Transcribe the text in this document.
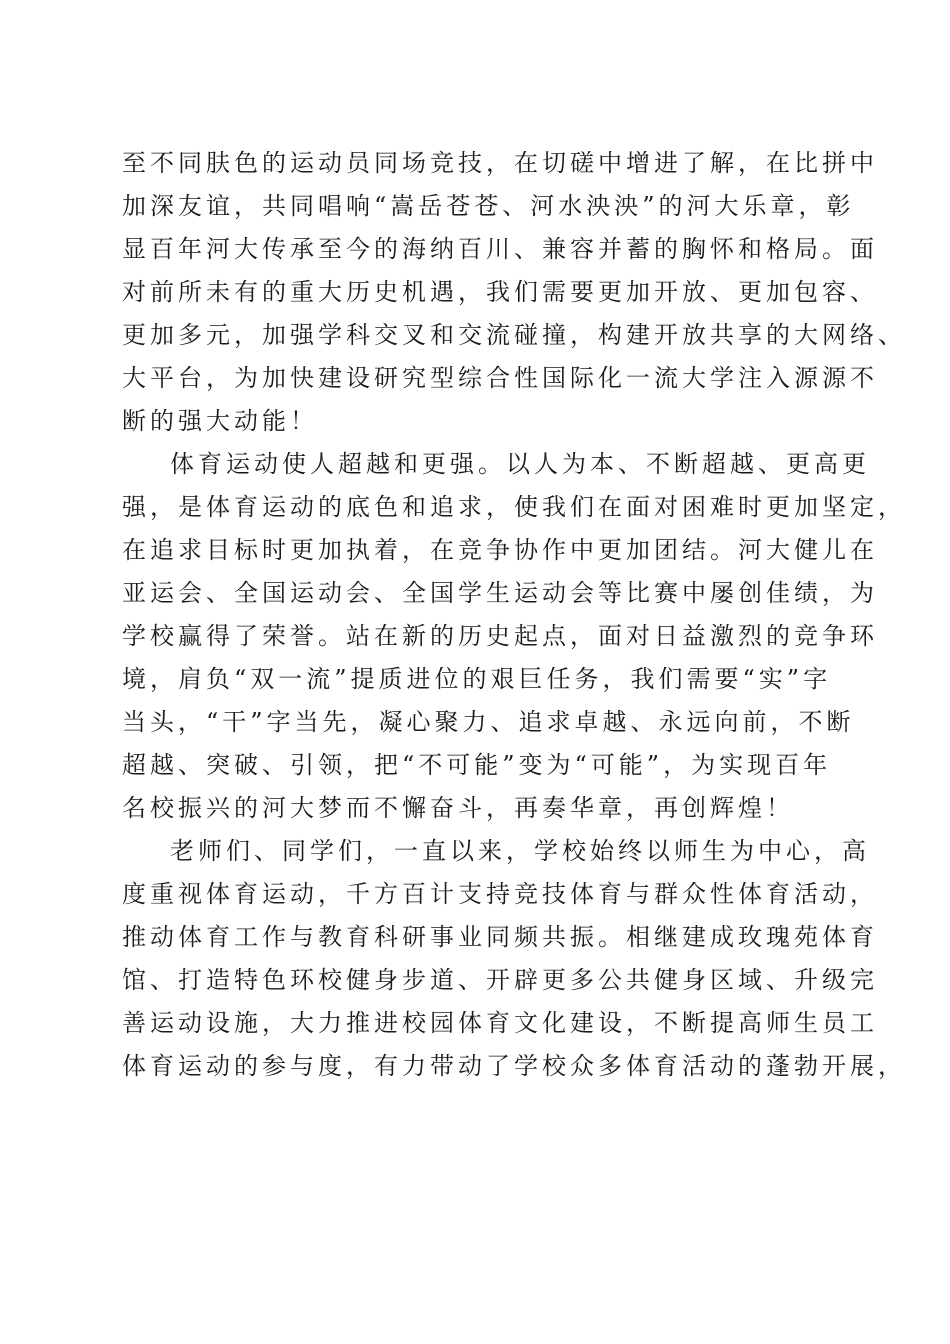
至不同肤色的运动员同场竞技，在切磋中增进了解，在比拼中
加深友谊，共同唱响“嵩岳苍苍、河水泱泱”的河大乐章，彰
显百年河大传承至今的海纳百川、兼容并蓄的胸怀和格局。面
对前所未有的重大历史机遇，我们需要更加开放、更加包容、
更加多元，加强学科交叉和交流碰撞，构建开放共享的大网络、
大平台，为加快建设研究型综合性国际化一流大学注入源源不
断的强大动能！
体育运动使人超越和更强。以人为本、不断超越、更高更
强，是体育运动的底色和追求，使我们在面对困难时更加坚定，
在追求目标时更加执着，在竞争协作中更加团结。河大健儿在
亚运会、全国运动会、全国学生运动会等比赛中屡创佳绩，为
学校赢得了荣誉。站在新的历史起点，面对日益激烈的竞争环
境，肩负“双一流”提质进位的艰巨任务，我们需要“实”字
当头，“干”字当先，凝心聚力、追求卓越、永远向前，不断
超越、突破、引领，把“不可能”变为“可能”，为实现百年
名校振兴的河大梦而不懈奋斗，再奏华章，再创辉煌！
老师们、同学们，一直以来，学校始终以师生为中心，高
度重视体育运动，千方百计支持竞技体育与群众性体育活动，
推动体育工作与教育科研事业同频共振。相继建成玫瑰苑体育
馆、打造特色环校健身步道、开辟更多公共健身区域、升级完
善运动设施，大力推进校园体育文化建设，不断提高师生员工
体育运动的参与度，有力带动了学校众多体育活动的蓬勃开展，
